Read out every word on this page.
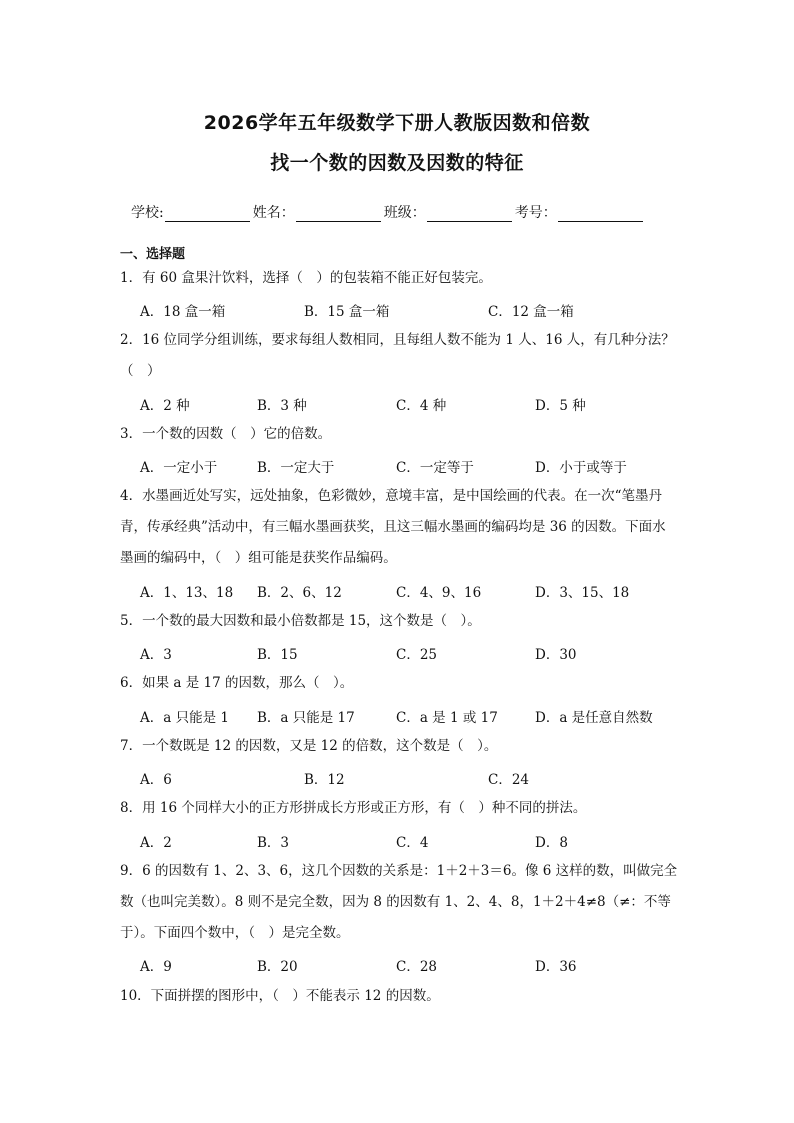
2026学年五年级数学下册人教版因数和倍数
找一个数的因数及因数的特征
学校:	姓名：	班级：	考号：
一、选择题
1．有 60 盒果汁饮料，选择（　）的包装箱不能正好包装完。
A．18 盒一箱	B．15 盒一箱	C．12 盒一箱
2．16 位同学分组训练，要求每组人数相同，且每组人数不能为 1 人、16 人，有几种分法？
（　）
A．2 种	B．3 种	C．4 种	D．5 种
3．一个数的因数（　）它的倍数。
A．一定小于	B．一定大于	C．一定等于	D．小于或等于
4．水墨画近处写实，远处抽象，色彩微妙，意境丰富，是中国绘画的代表。在一次“笔墨丹
青，传承经典”活动中，有三幅水墨画获奖，且这三幅水墨画的编码均是 36 的因数。下面水
墨画的编码中，（　）组可能是获奖作品编码。
A．1、13、18 B．2、6、12	C．4、9、16	D．3、15、18
5．一个数的最大因数和最小倍数都是 15，这个数是（　）。
A．3	B．15	C．25	D．30
6．如果 a 是 17 的因数，那么（　）。
A．a 只能是 1 B．a 只能是 17	C．a 是 1 或 17	D．a 是任意自然数
7．一个数既是 12 的因数，又是 12 的倍数，这个数是（　）。
A．6	B．12	C．24
8．用 16 个同样大小的正方形拼成长方形或正方形，有（　）种不同的拼法。
A．2	B．3	C．4	D．8
9．6 的因数有 1、2、3、6，这几个因数的关系是：1＋2＋3＝6。像 6 这样的数，叫做完全
数（也叫完美数）。8 则不是完全数，因为 8 的因数有 1、2、4、8，1＋2＋4≠8（≠：不等
于）。下面四个数中，（　）是完全数。
A．9	B．20	C．28	D．36
10．下面拼摆的图形中，（　）不能表示 12 的因数。
